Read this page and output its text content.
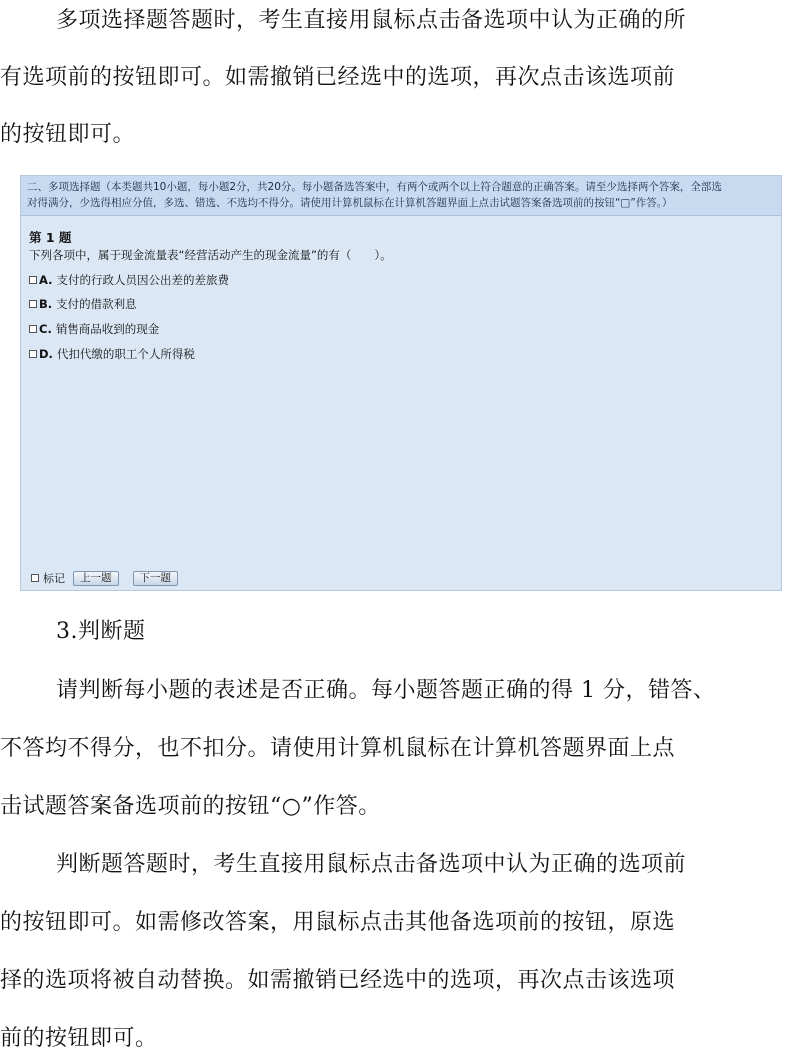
多项选择题答题时，考生直接用鼠标点击备选项中认为正确的所
有选项前的按钮即可。如需撤销已经选中的选项，再次点击该选项前
的按钮即可。
二、多项选择题（本类题共10小题，每小题2分，共20分。每小题备选答案中，有两个或两个以上符合题意的正确答案。请至少选择两个答案，全部选
对得满分，少选得相应分值，多选、错选、不选均不得分。请使用计算机鼠标在计算机答题界面上点击试题答案备选项前的按钮“□”作答。）
第 1 题
下列各项中，属于现金流量表“经营活动产生的现金流量”的有（　　）。
A. 支付的行政人员因公出差的差旅费
B. 支付的借款利息
C. 销售商品收到的现金
D. 代扣代缴的职工个人所得税
标记	上一题	下一题
3.判断题
请判断每小题的表述是否正确。每小题答题正确的得 1 分，错答、
不答均不得分，也不扣分。请使用计算机鼠标在计算机答题界面上点
击试题答案备选项前的按钮“○”作答。
判断题答题时，考生直接用鼠标点击备选项中认为正确的选项前
的按钮即可。如需修改答案，用鼠标点击其他备选项前的按钮，原选
择的选项将被自动替换。如需撤销已经选中的选项，再次点击该选项
前的按钮即可。
